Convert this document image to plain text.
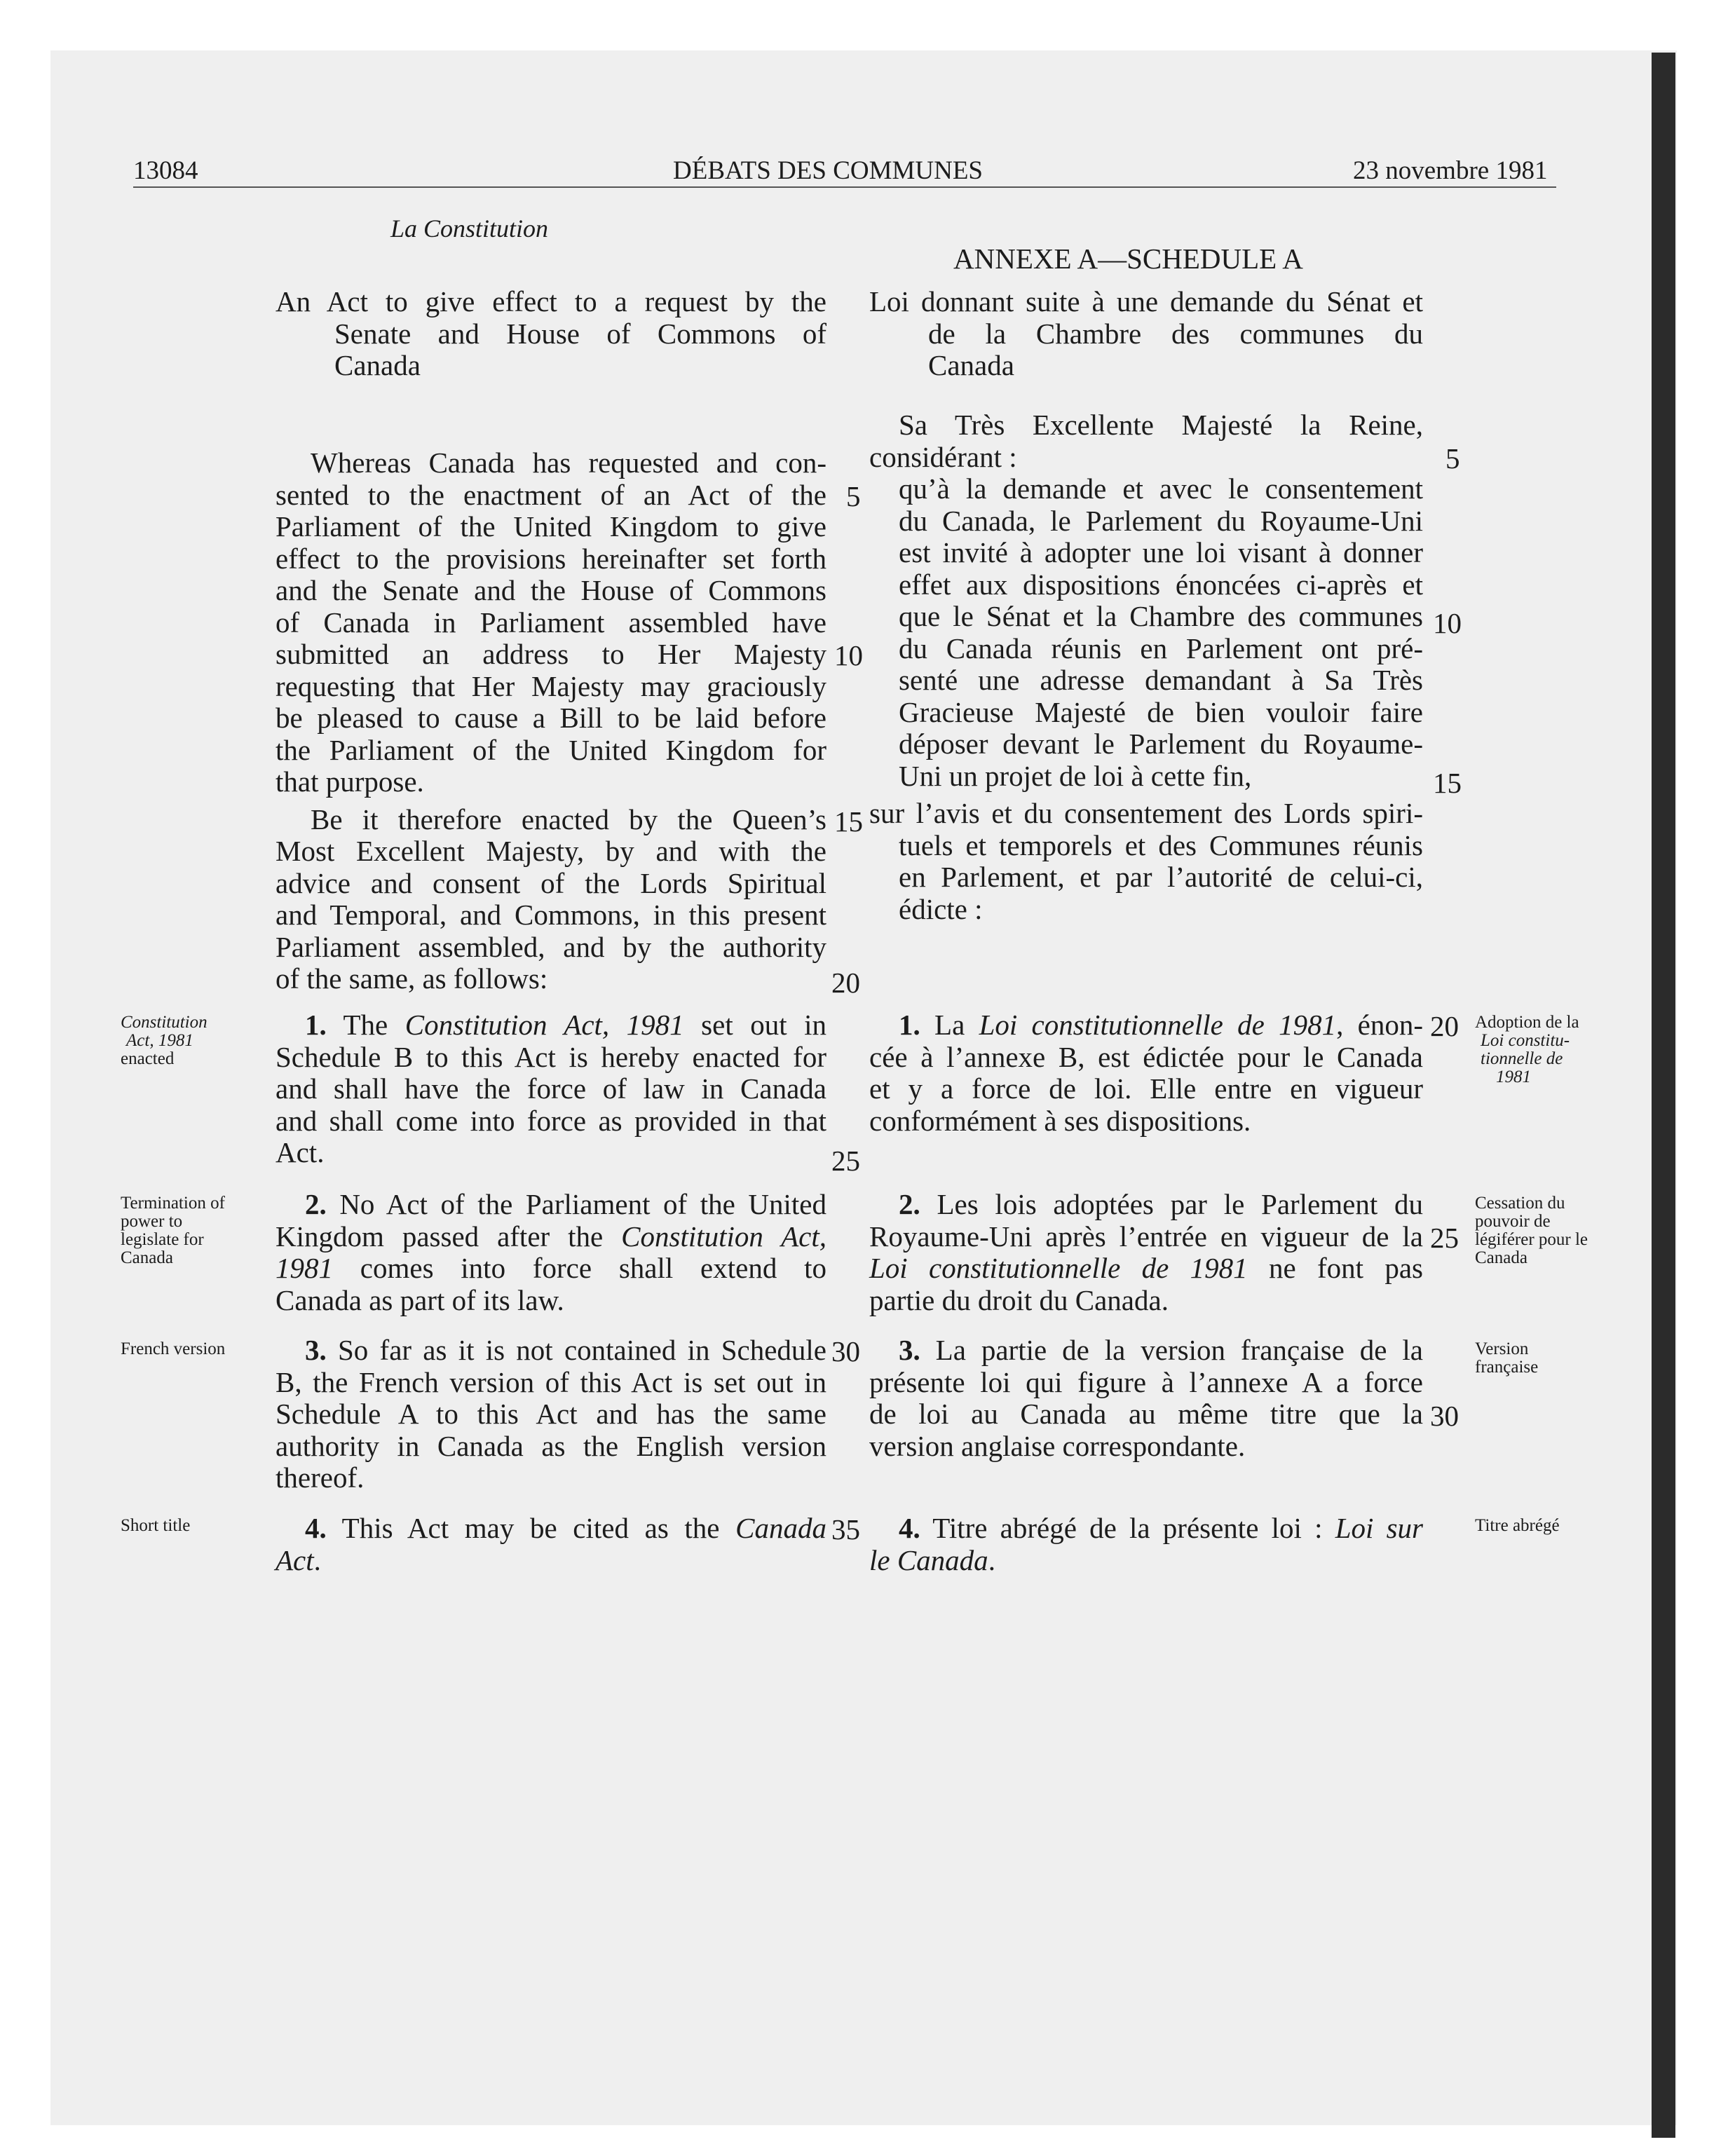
13084	DÉBATS DES COMMUNES	23 novembre 1981
La Constitution
ANNEXE A—SCHEDULE A

An Act to give effect to a request by the

Senate and House of Commons of

Canada

Whereas Canada has requested and con-

sented to the enactment of an Act of the

Parliament of the United Kingdom to give

effect to the provisions hereinafter set forth

and the Senate and the House of Commons

of Canada in Parliament assembled have

submitted an address to Her Majesty

requesting that Her Majesty may graciously

be pleased to cause a Bill to be laid before

the Parliament of the United Kingdom for

that purpose.

Be it therefore enacted by the Queen’s

Most Excellent Majesty, by and with the

advice and consent of the Lords Spiritual

and Temporal, and Commons, in this present

Parliament assembled, and by the authority

of the same, as follows:

1. The Constitution Act, 1981 set out in

Schedule B to this Act is hereby enacted for

and shall have the force of law in Canada

and shall come into force as provided in that

Act.

2. No Act of the Parliament of the United

Kingdom passed after the Constitution Act,

1981 comes into force shall extend to

Canada as part of its law.

3. So far as it is not contained in Schedule

B, the French version of this Act is set out in

Schedule A to this Act and has the same

authority in Canada as the English version

thereof.

4. This Act may be cited as the Canada

Act.

Loi donnant suite à une demande du Sénat et

de la Chambre des communes du

Canada

Sa Très Excellente Majesté la Reine,

considérant :

qu’à la demande et avec le consentement

du Canada, le Parlement du Royaume-Uni

est invité à adopter une loi visant à donner

effet aux dispositions énoncées ci-après et

que le Sénat et la Chambre des communes

du Canada réunis en Parlement ont pré-

senté une adresse demandant à Sa Très

Gracieuse Majesté de bien vouloir faire

déposer devant le Parlement du Royaume-

Uni un projet de loi à cette fin,

sur l’avis et du consentement des Lords spiri-

tuels et temporels et des Communes réunis

en Parlement, et par l’autorité de celui-ci,

édicte :

1. La Loi constitutionnelle de 1981, énon-

cée à l’annexe B, est édictée pour le Canada

et y a force de loi. Elle entre en vigueur

conformément à ses dispositions.

2. Les lois adoptées par le Parlement du

Royaume-Uni après l’entrée en vigueur de la

Loi constitutionnelle de 1981 ne font pas

partie du droit du Canada.

3. La partie de la version française de la

présente loi qui figure à l’annexe A a force

de loi au Canada au même titre que la

version anglaise correspondante.

4. Titre abrégé de la présente loi : Loi sur

le Canada.

5
10
15
20
25
30
35
5
10
15
20
25
30
Constitution
Act, 1981
enacted
Termination of
power to
legislate for
Canada
French version
Short title
Adoption de la
Loi constitu-
tionnelle de
1981
Cessation du
pouvoir de
légiférer pour le
Canada
Version
française
Titre abrégé
